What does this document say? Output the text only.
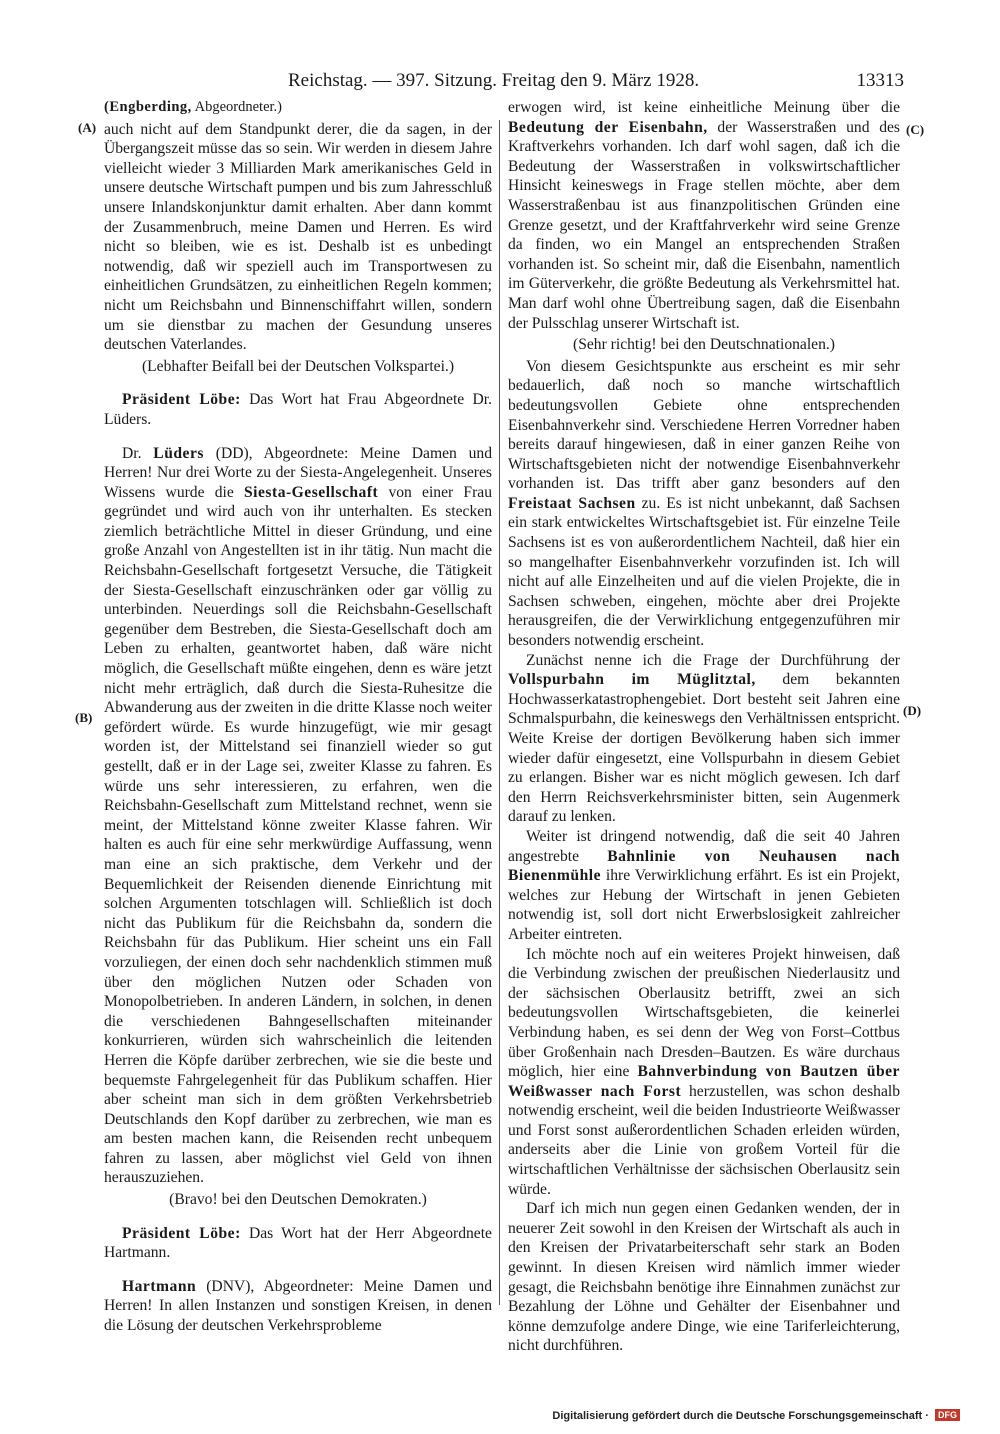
Reichstag. — 397. Sitzung. Freitag den 9. März 1928.	13313
(A)
(B)
(C)
(D)

(Engberding, Abgeordneter.)

auch nicht auf dem Standpunkt derer, die da sagen, in der Übergangszeit müsse das so sein. Wir werden in diesem Jahre vielleicht wieder 3 Milliarden Mark amerikanisches Geld in unsere deutsche Wirtschaft pumpen und bis zum Jahresschluß unsere Inlandskonjunktur damit erhalten. Aber dann kommt der Zusammenbruch, meine Damen und Herren. Es wird nicht so bleiben, wie es ist. Deshalb ist es unbedingt notwendig, daß wir speziell auch im Transportwesen zu einheitlichen Grundsätzen, zu einheitlichen Regeln kommen; nicht um Reichsbahn und Binnenschiffahrt willen, sondern um sie dienstbar zu machen der Gesundung unseres deutschen Vaterlandes.

(Lebhafter Beifall bei der Deutschen Volkspartei.)

Präsident Löbe: Das Wort hat Frau Abgeordnete Dr. Lüders.

Dr. Lüders (DD), Abgeordnete: Meine Damen und Herren! Nur drei Worte zu der Siesta-Angelegenheit. Unseres Wissens wurde die Siesta-Gesellschaft von einer Frau gegründet und wird auch von ihr unterhalten. Es stecken ziemlich beträchtliche Mittel in dieser Gründung, und eine große Anzahl von Angestellten ist in ihr tätig. Nun macht die Reichsbahn-Gesellschaft fortgesetzt Versuche, die Tätigkeit der Siesta-Gesellschaft einzuschränken oder gar völlig zu unterbinden. Neuerdings soll die Reichsbahn-Gesellschaft gegenüber dem Bestreben, die Siesta-Gesellschaft doch am Leben zu erhalten, geantwortet haben, daß wäre nicht möglich, die Gesellschaft müßte eingehen, denn es wäre jetzt nicht mehr erträglich, daß durch die Siesta-Ruhesitze die Abwanderung aus der zweiten in die dritte Klasse noch weiter gefördert würde. Es wurde hinzugefügt, wie mir gesagt worden ist, der Mittelstand sei finanziell wieder so gut gestellt, daß er in der Lage sei, zweiter Klasse zu fahren. Es würde uns sehr interessieren, zu erfahren, wen die Reichsbahn-Gesellschaft zum Mittelstand rechnet, wenn sie meint, der Mittelstand könne zweiter Klasse fahren. Wir halten es auch für eine sehr merkwürdige Auffassung, wenn man eine an sich praktische, dem Verkehr und der Bequemlichkeit der Reisenden dienende Einrichtung mit solchen Argumenten totschlagen will. Schließlich ist doch nicht das Publikum für die Reichsbahn da, sondern die Reichsbahn für das Publikum. Hier scheint uns ein Fall vorzuliegen, der einen doch sehr nachdenklich stimmen muß über den möglichen Nutzen oder Schaden von Monopolbetrieben. In anderen Ländern, in solchen, in denen die verschiedenen Bahngesellschaften miteinander konkurrieren, würden sich wahrscheinlich die leitenden Herren die Köpfe darüber zerbrechen, wie sie die beste und bequemste Fahrgelegenheit für das Publikum schaffen. Hier aber scheint man sich in dem größten Verkehrsbetrieb Deutschlands den Kopf darüber zu zerbrechen, wie man es am besten machen kann, die Reisenden recht unbequem fahren zu lassen, aber möglichst viel Geld von ihnen herauszuziehen.

(Bravo! bei den Deutschen Demokraten.)

Präsident Löbe: Das Wort hat der Herr Abgeordnete Hartmann.

Hartmann (DNV), Abgeordneter: Meine Damen und Herren! In allen Instanzen und sonstigen Kreisen, in denen die Lösung der deutschen Verkehrsprobleme

erwogen wird, ist keine einheitliche Meinung über die Bedeutung der Eisenbahn, der Wasserstraßen und des Kraftverkehrs vorhanden. Ich darf wohl sagen, daß ich die Bedeutung der Wasserstraßen in volkswirtschaftlicher Hinsicht keineswegs in Frage stellen möchte, aber dem Wasserstraßenbau ist aus finanzpolitischen Gründen eine Grenze gesetzt, und der Kraftfahrverkehr wird seine Grenze da finden, wo ein Mangel an entsprechenden Straßen vorhanden ist. So scheint mir, daß die Eisenbahn, namentlich im Güterverkehr, die größte Bedeutung als Verkehrsmittel hat. Man darf wohl ohne Übertreibung sagen, daß die Eisenbahn der Pulsschlag unserer Wirtschaft ist.

(Sehr richtig! bei den Deutschnationalen.)

Von diesem Gesichtspunkte aus erscheint es mir sehr bedauerlich, daß noch so manche wirtschaftlich bedeutungsvollen Gebiete ohne entsprechenden Eisenbahnverkehr sind. Verschiedene Herren Vorredner haben bereits darauf hingewiesen, daß in einer ganzen Reihe von Wirtschaftsgebieten nicht der notwendige Eisenbahnverkehr vorhanden ist. Das trifft aber ganz besonders auf den Freistaat Sachsen zu. Es ist nicht unbekannt, daß Sachsen ein stark entwickeltes Wirtschaftsgebiet ist. Für einzelne Teile Sachsens ist es von außerordentlichem Nachteil, daß hier ein so mangelhafter Eisenbahnverkehr vorzufinden ist. Ich will nicht auf alle Einzelheiten und auf die vielen Projekte, die in Sachsen schweben, eingehen, möchte aber drei Projekte herausgreifen, die der Verwirklichung entgegenzuführen mir besonders notwendig erscheint.

Zunächst nenne ich die Frage der Durchführung der Vollspurbahn im Müglitztal, dem bekannten Hochwasserkatastrophengebiet. Dort besteht seit Jahren eine Schmalspurbahn, die keineswegs den Verhältnissen entspricht. Weite Kreise der dortigen Bevölkerung haben sich immer wieder dafür eingesetzt, eine Vollspurbahn in diesem Gebiet zu erlangen. Bisher war es nicht möglich gewesen. Ich darf den Herrn Reichsverkehrsminister bitten, sein Augenmerk darauf zu lenken.

Weiter ist dringend notwendig, daß die seit 40 Jahren angestrebte Bahnlinie von Neuhausen nach Bienenmühle ihre Verwirklichung erfährt. Es ist ein Projekt, welches zur Hebung der Wirtschaft in jenen Gebieten notwendig ist, soll dort nicht Erwerbslosigkeit zahlreicher Arbeiter eintreten.

Ich möchte noch auf ein weiteres Projekt hinweisen, daß die Verbindung zwischen der preußischen Niederlausitz und der sächsischen Oberlausitz betrifft, zwei an sich bedeutungsvollen Wirtschaftsgebieten, die keinerlei Verbindung haben, es sei denn der Weg von Forst–Cottbus über Großenhain nach Dresden–Bautzen. Es wäre durchaus möglich, hier eine Bahnverbindung von Bautzen über Weißwasser nach Forst herzustellen, was schon deshalb notwendig erscheint, weil die beiden Industrieorte Weißwasser und Forst sonst außerordentlichen Schaden erleiden würden, anderseits aber die Linie von großem Vorteil für die wirtschaftlichen Verhältnisse der sächsischen Oberlausitz sein würde.

Darf ich mich nun gegen einen Gedanken wenden, der in neuerer Zeit sowohl in den Kreisen der Wirtschaft als auch in den Kreisen der Privatarbeiterschaft sehr stark an Boden gewinnt. In diesen Kreisen wird nämlich immer wieder gesagt, die Reichsbahn benötige ihre Einnahmen zunächst zur Bezahlung der Löhne und Gehälter der Eisenbahner und könne demzufolge andere Dinge, wie eine Tariferleichterung, nicht durchführen.

Digitalisierung gefördert durch die Deutsche Forschungsgemeinschaft · DFG
